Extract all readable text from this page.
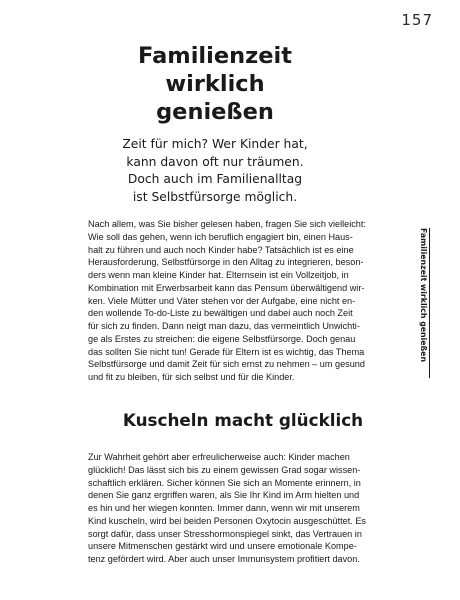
157
Familienzeit
wirklich
genießen
Zeit für mich? Wer Kinder hat,
kann davon oft nur träumen.
Doch auch im Familienalltag
ist Selbstfürsorge möglich.
Nach allem, was Sie bisher gelesen haben, fragen Sie sich vielleicht:
Wie soll das gehen, wenn ich beruflich engagiert bin, einen Haus-
halt zu führen und auch noch Kinder habe? Tatsächlich ist es eine
Herausforderung, Selbstfürsorge in den Alltag zu integrieren, beson-
ders wenn man kleine Kinder hat. Elternsein ist ein Vollzeitjob, in
Kombination mit Erwerbsarbeit kann das Pensum überwältigend wir-
ken. Viele Mütter und Väter stehen vor der Aufgabe, eine nicht en-
den wollende To-do-Liste zu bewältigen und dabei auch noch Zeit
für sich zu finden. Dann neigt man dazu, das vermeintlich Unwichti-
ge als Erstes zu streichen: die eigene Selbstfürsorge. Doch genau
das sollten Sie nicht tun! Gerade für Eltern ist es wichtig, das Thema
Selbstfürsorge und damit Zeit für sich ernst zu nehmen – um gesund
und fit zu bleiben, für sich selbst und für die Kinder.
Familienzeit wirklich genießen
Kuscheln macht glücklich
Zur Wahrheit gehört aber erfreulicherweise auch: Kinder machen
glücklich! Das lässt sich bis zu einem gewissen Grad sogar wissen-
schaftlich erklären. Sicher können Sie sich an Momente erinnern, in
denen Sie ganz ergriffen waren, als Sie Ihr Kind im Arm hielten und
es hin und her wiegen konnten. Immer dann, wenn wir mit unserem
Kind kuscheln, wird bei beiden Personen Oxytocin ausgeschüttet. Es
sorgt dafür, dass unser Stresshormonspiegel sinkt, das Vertrauen in
unsere Mitmenschen gestärkt wird und unsere emotionale Kompe-
tenz gefördert wird. Aber auch unser Immunsystem profitiert davon.
